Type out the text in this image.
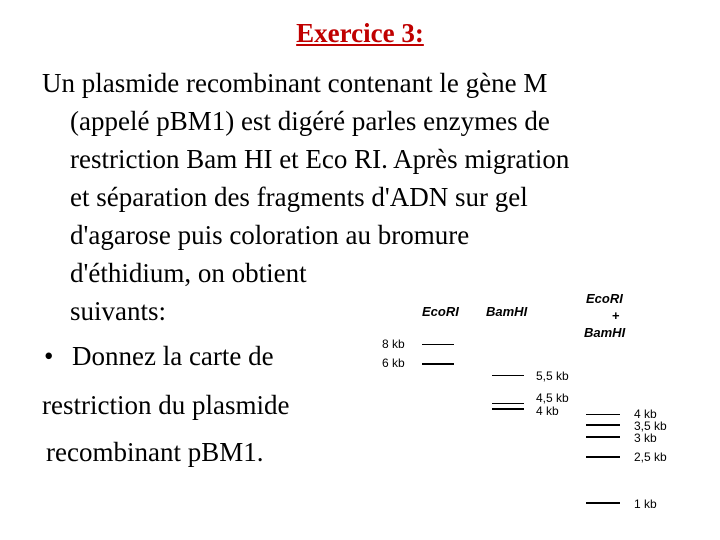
Exercice 3:
Un plasmide recombinant contenant le gène M
(appelé pBM1) est digéré parles enzymes de
restriction Bam HI et Eco RI. Après migration
et séparation des fragments d'ADN sur gel
d'agarose puis coloration au bromure
d'éthidium, on obtient
suivants:
• Donnez la carte de
restriction du plasmide
recombinant pBM1.
EcoRI BamHI
EcoRI
+
BamHI
8 kb
6 kb
5,5 kb
4,5 kb
4 kb	4 kb
3,5 kb
3 kb
2,5 kb
1 kb
